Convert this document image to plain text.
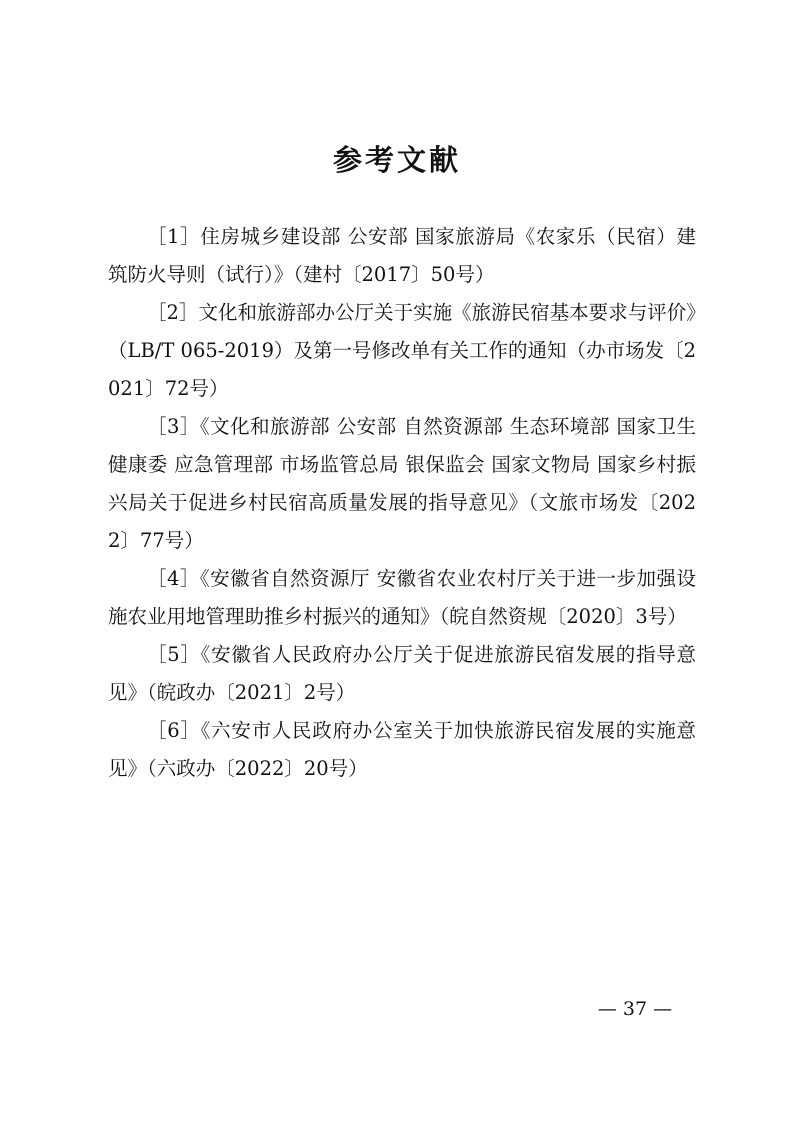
参考文献
［1］住房城乡建设部 公安部 国家旅游局《农家乐（民宿）建筑防火导则（试行）》（建村〔2017〕50号）
［2］文化和旅游部办公厅关于实施《旅游民宿基本要求与评价》（LB/T 065-2019）及第一号修改单有关工作的通知（办市场发〔2021〕72号）
［3］《文化和旅游部 公安部 自然资源部 生态环境部 国家卫生健康委 应急管理部 市场监管总局 银保监会 国家文物局 国家乡村振兴局关于促进乡村民宿高质量发展的指导意见》（文旅市场发〔2022〕77号）
［4］《安徽省自然资源厅 安徽省农业农村厅关于进一步加强设施农业用地管理助推乡村振兴的通知》（皖自然资规〔2020〕3号）
［5］《安徽省人民政府办公厅关于促进旅游民宿发展的指导意见》（皖政办〔2021〕2号）
［6］《六安市人民政府办公室关于加快旅游民宿发展的实施意见》（六政办〔2022〕20号）
— 37 —
